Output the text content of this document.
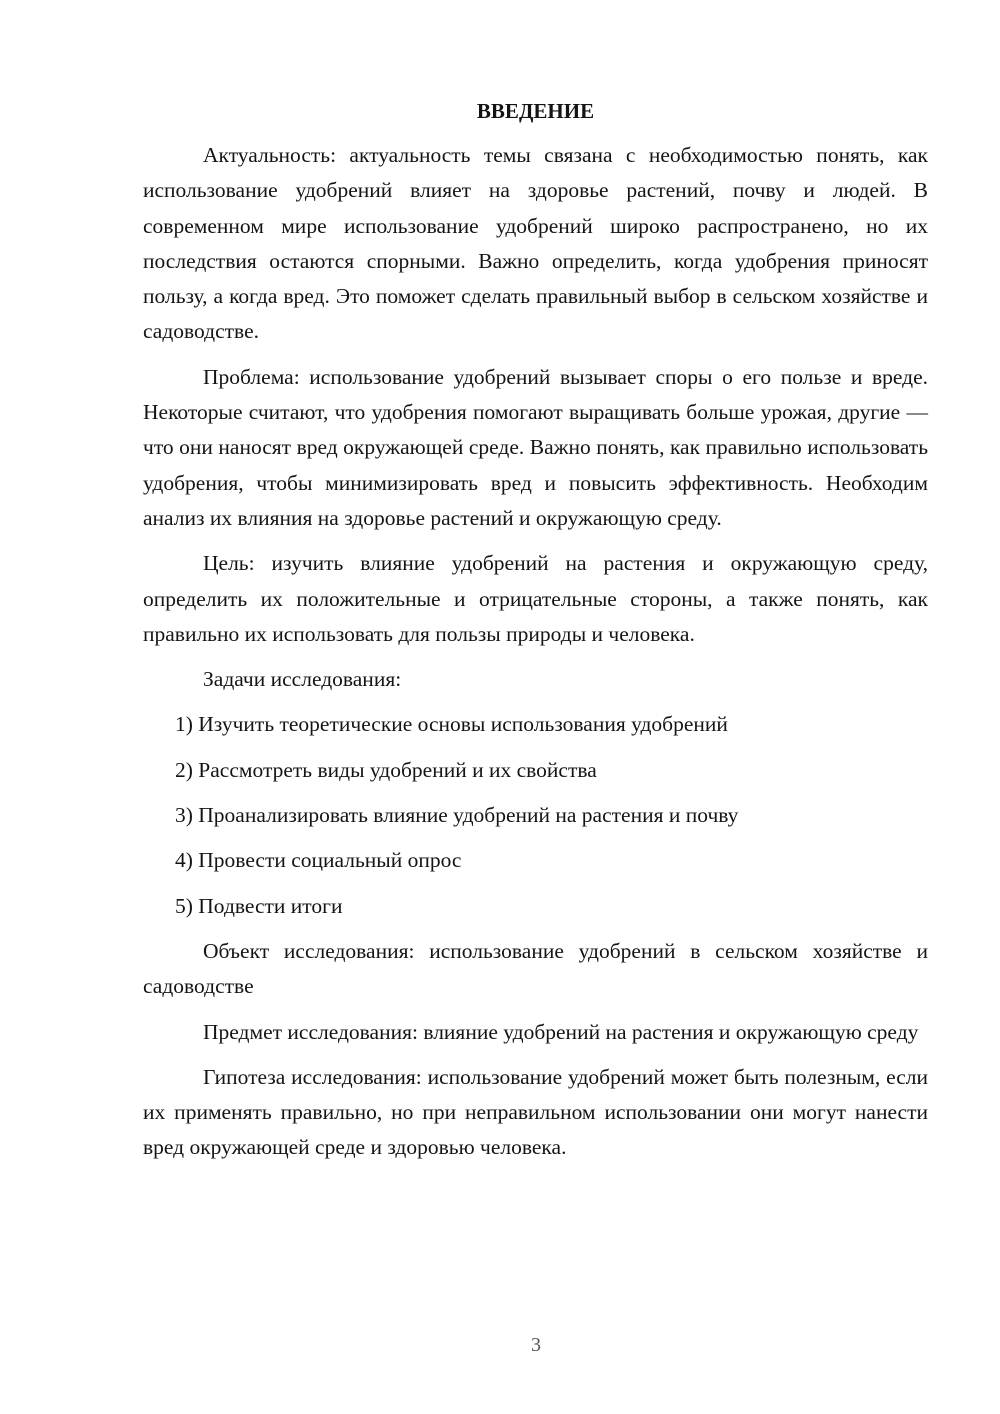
ВВЕДЕНИЕ

Актуальность: актуальность темы связана с необходимостью понять, как использование удобрений влияет на здоровье растений, почву и людей. В современном мире использование удобрений широко распространено, но их последствия остаются спорными. Важно определить, когда удобрения приносят пользу, а когда вред. Это поможет сделать правильный выбор в сельском хозяйстве и садоводстве.

Проблема: использование удобрений вызывает споры о его пользе и вреде. Некоторые считают, что удобрения помогают выращивать больше урожая, другие — что они наносят вред окружающей среде. Важно понять, как правильно использовать удобрения, чтобы минимизировать вред и повысить эффективность. Необходим анализ их влияния на здоровье растений и окружающую среду.

Цель: изучить влияние удобрений на растения и окружающую среду, определить их положительные и отрицательные стороны, а также понять, как правильно их использовать для пользы природы и человека.

Задачи исследования:

1) Изучить теоретические основы использования удобрений
2) Рассмотреть виды удобрений и их свойства
3) Проанализировать влияние удобрений на растения и почву
4) Провести социальный опрос
5) Подвести итоги

Объект исследования: использование удобрений в сельском хозяйстве и садоводстве

Предмет исследования: влияние удобрений на растения и окружающую среду

Гипотеза исследования: использование удобрений может быть полезным, если их применять правильно, но при неправильном использовании они могут нанести вред окружающей среде и здоровью человека.

3
